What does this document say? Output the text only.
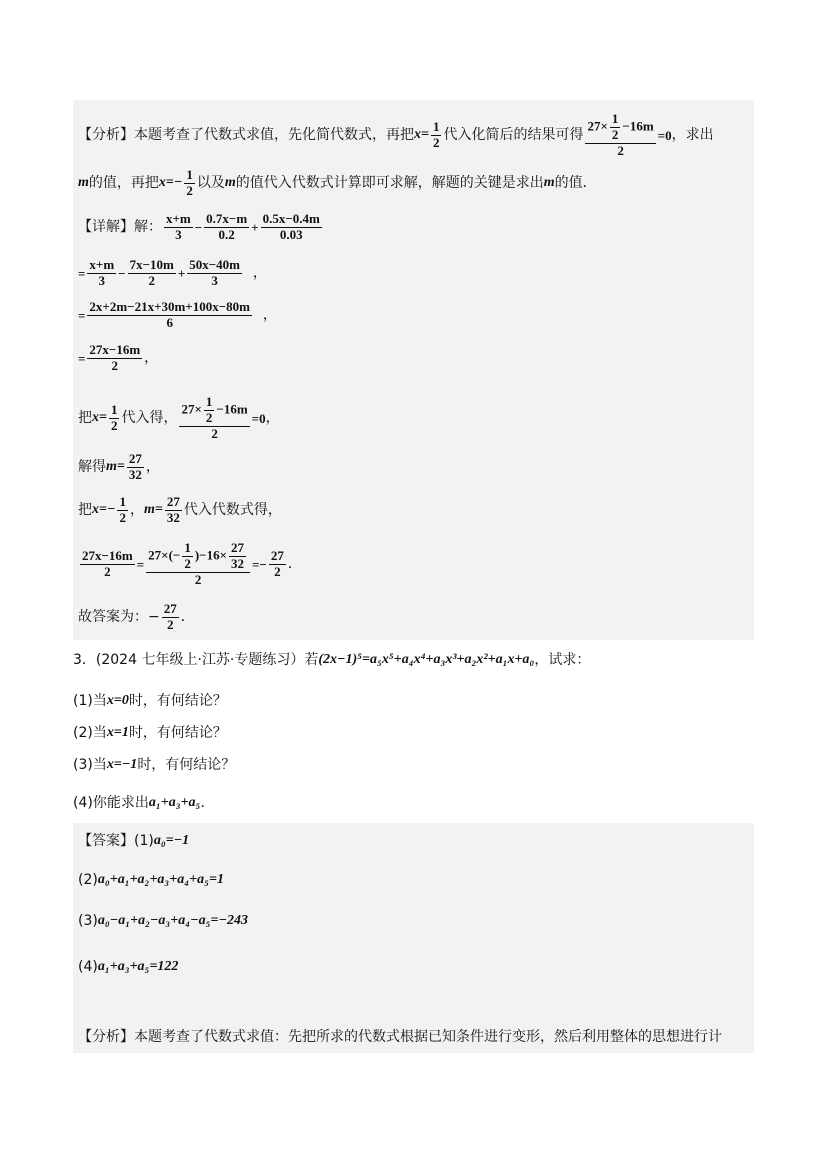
【分析】本题考查了代数式求值，先化简代数式，再把 $x= \frac{1}{2}$ 代入化简后的结果可得 $\frac{27\times \frac{1}{2} -16m}{2} =0$ ，求出
m 的值，再把 $x=- \frac{1}{2}$ 以及 m 的值代入代数式计算即可求解，解题的关键是求出 m 的值．
【详解】解： $\frac{x+m}{3} - \frac{0.7x-m}{0.2} + \frac{0.5x-0.4m}{0.03}$
= $\frac{x+m}{3} - \frac{7x-10m}{2} + \frac{50x-40m}{3}$ ，
= $\frac{2x+2m-21x+30m+100x-80m}{6}$ ，
= $\frac{27x-16m}{2}$ ，
把 $x= \frac{1}{2}$ 代入得， $\frac{27\times \frac{1}{2} -16m}{2} =0$ ，
解得 $m= \frac{27}{32}$ ，
把 $x=- \frac{1}{2}$ ， $m= \frac{27}{32}$ 代入代数式得，
$\frac{27x-16m}{2} = \frac{27\times(- \frac{1}{2} )-16\times \frac{27}{32}}{2} =- \frac{27}{2}$ ．
故答案为：− $\frac{27}{2}$ ．
3．(2024 七年级上·江苏·专题练习）若 (2x−1)⁵=a₅x⁵+a₄x⁴+a₃x³+a₂x²+a₁x+a₀ ，试求：
(1)当 x=0 时，有何结论？
(2)当 x=1 时，有何结论？
(3)当 x=−1 时，有何结论？
(4)你能求出 a₁+a₃+a₅ ．
【答案】 (1) a₀=−1
(2) a₀+a₁+a₂+a₃+a₄+a₅=1
(3) a₀−a₁+a₂−a₃+a₄−a₅=−243
(4) a₁+a₃+a₅=122
【分析】本题考查了代数式求值：先把所求的代数式根据已知条件进行变形，然后利用整体的思想进行计
